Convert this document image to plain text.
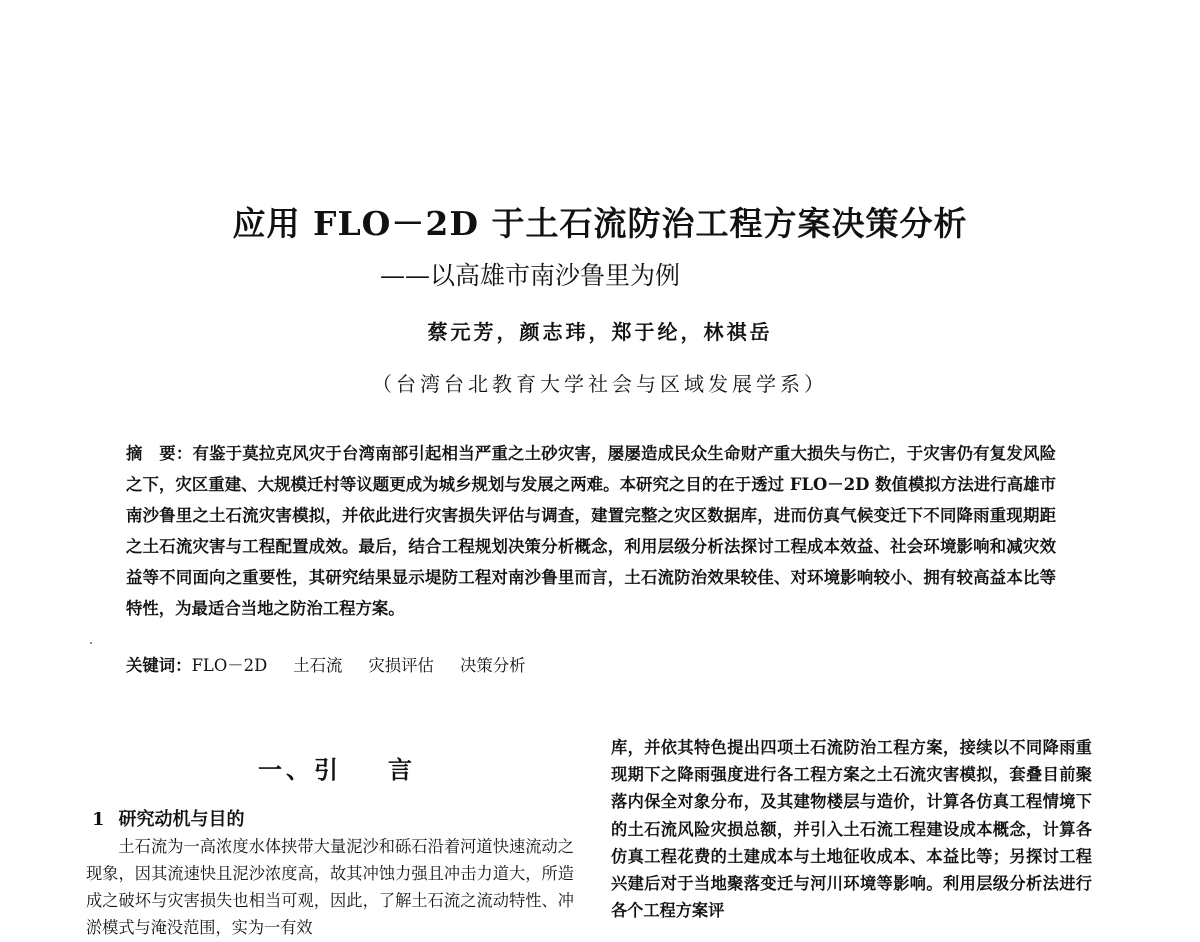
应用 FLO－2D 于土石流防治工程方案决策分析
——以高雄市南沙鲁里为例
蔡元芳，颜志玮，郑于纶，林祺岳
（台湾台北教育大学社会与区域发展学系）
摘　要：有鉴于莫拉克风灾于台湾南部引起相当严重之土砂灾害，屡屡造成民众生命财产重大损失与伤亡，于灾害仍有复发风险之下，灾区重建、大规模迁村等议题更成为城乡规划与发展之两难。本研究之目的在于透过 FLO－2D 数值模拟方法进行高雄市南沙鲁里之土石流灾害模拟，并依此进行灾害损失评估与调查，建置完整之灾区数据库，进而仿真气候变迁下不同降雨重现期距之土石流灾害与工程配置成效。最后，结合工程规划决策分析概念，利用层级分析法探讨工程成本效益、社会环境影响和减灾效益等不同面向之重要性，其研究结果显示堤防工程对南沙鲁里而言，土石流防治效果较佳、对环境影响较小、拥有较高益本比等特性，为最适合当地之防治工程方案。
关键词：FLO－2D 土石流 灾损评估 决策分析
一、引 言
1 研究动机与目的

土石流为一高浓度水体挟带大量泥沙和砾石沿着河道快速流动之现象，因其流速快且泥沙浓度高，故其冲蚀力强且冲击力道大，所造成之破坏与灾害损失也相当可观，因此，了解土石流之流动特性、冲淤模式与淹没范围，实为一有效

库，并依其特色提出四项土石流防治工程方案，接续以不同降雨重现期下之降雨强度进行各工程方案之土石流灾害模拟，套叠目前聚落内保全对象分布，及其建物楼层与造价，计算各仿真工程情境下的土石流风险灾损总额，并引入土石流工程建设成本概念，计算各仿真工程花费的土建成本与土地征收成本、本益比等；另探讨工程兴建后对于当地聚落变迁与河川环境等影响。利用层级分析法进行各个工程方案评
